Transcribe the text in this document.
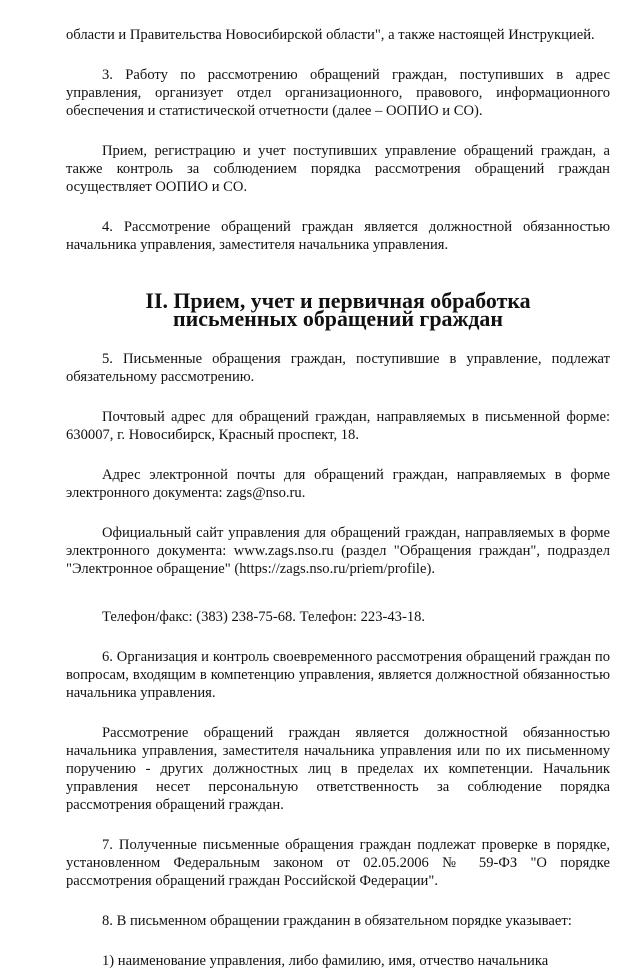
области и Правительства Новосибирской области", а также настоящей Инструкцией.

3. Работу по рассмотрению обращений граждан, поступивших в адрес управления, организует отдел организационного, правового, информационного обеспечения и статистической отчетности (далее – ООПИО и СО).

Прием, регистрацию и учет поступивших управление обращений граждан, а также контроль за соблюдением порядка рассмотрения обращений граждан осуществляет ООПИО и СО.

4. Рассмотрение обращений граждан является должностной обязанностью начальника управления, заместителя начальника управления.

II. Прием, учет и первичная обработка
письменных обращений граждан

5. Письменные обращения граждан, поступившие в управление, подлежат обязательному рассмотрению.

Почтовый адрес для обращений граждан, направляемых в письменной форме: 630007, г. Новосибирск, Красный проспект, 18.

Адрес электронной почты для обращений граждан, направляемых в форме электронного документа: zags@nso.ru.

Официальный сайт управления для обращений граждан, направляемых в форме электронного документа: www.zags.nso.ru (раздел "Обращения граждан", подраздел "Электронное обращение" (https://zags.nso.ru/priem/profile).

Телефон/факс: (383) 238-75-68. Телефон: 223-43-18.

6. Организация и контроль своевременного рассмотрения обращений граждан по вопросам, входящим в компетенцию управления, является должностной обязанностью начальника управления.

Рассмотрение обращений граждан является должностной обязанностью начальника управления, заместителя начальника управления или по их письменному поручению - других должностных лиц в пределах их компетенции. Начальник управления несет персональную ответственность за соблюдение порядка рассмотрения обращений граждан.

7. Полученные письменные обращения граждан подлежат проверке в порядке, установленном Федеральным законом от 02.05.2006 № 59-ФЗ "О порядке рассмотрения обращений граждан Российской Федерации".

8. В письменном обращении гражданин в обязательном порядке указывает:

1) наименование управления, либо фамилию, имя, отчество начальника
